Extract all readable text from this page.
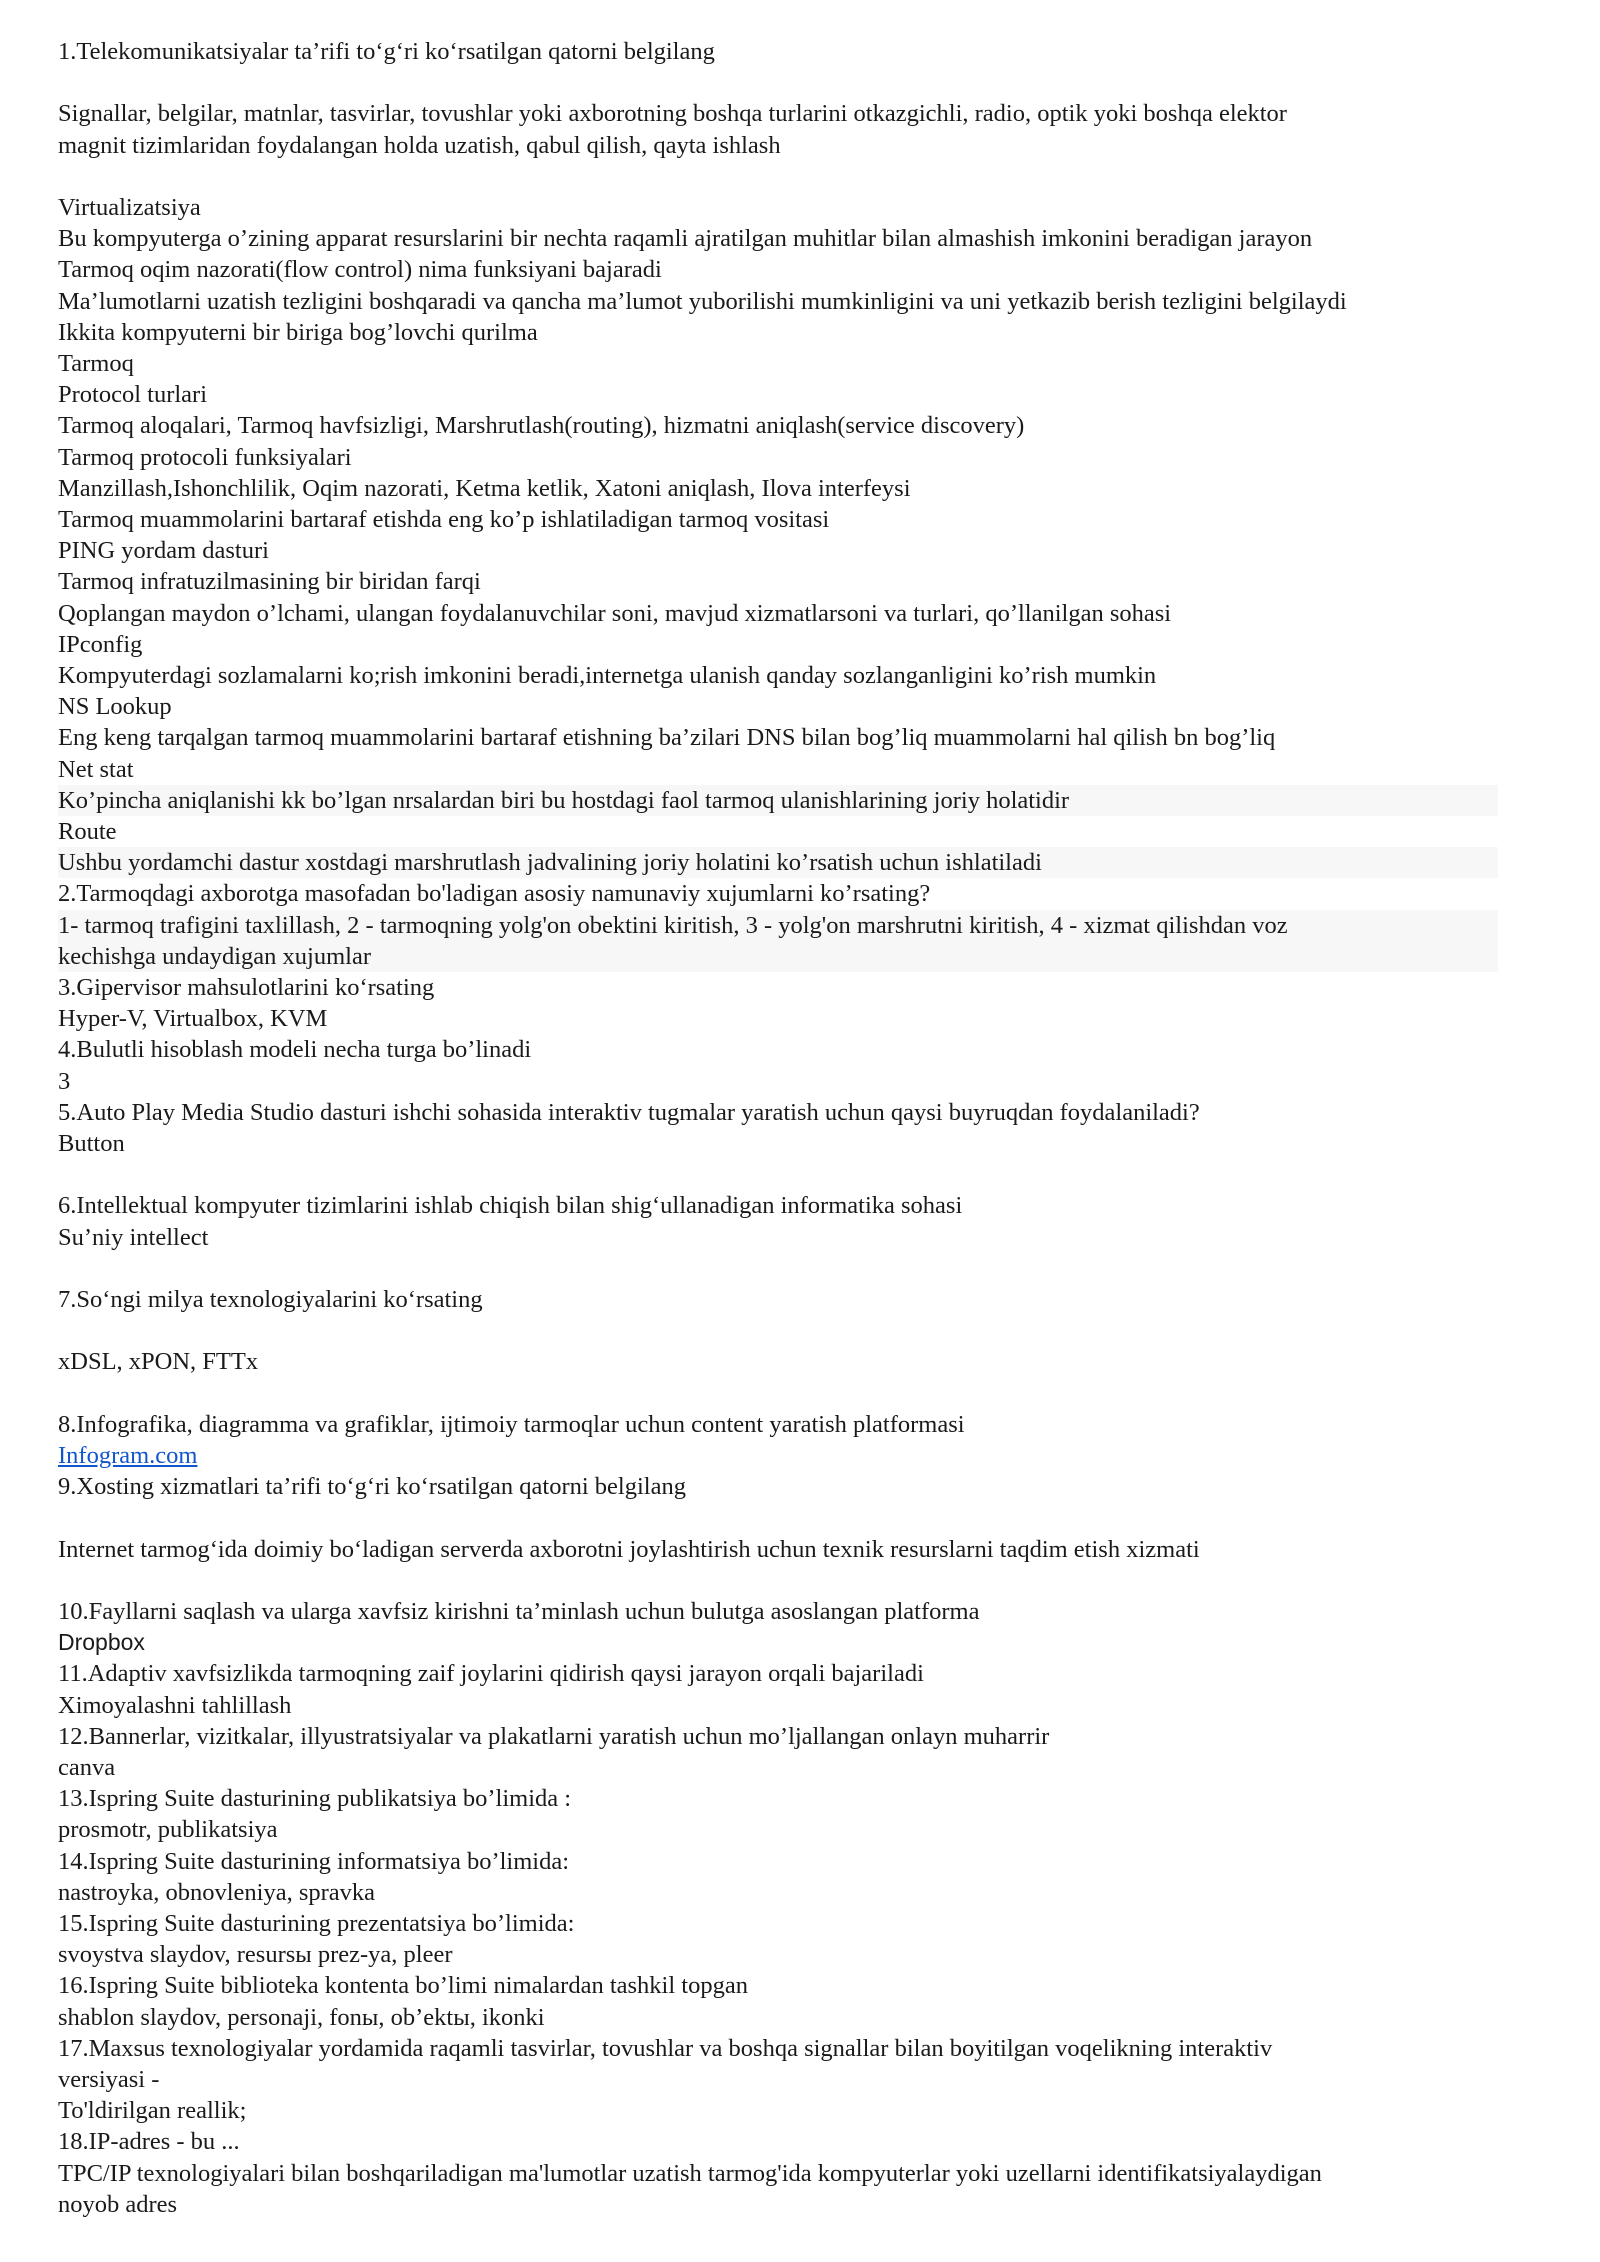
1.Telekomunikatsiyalar ta’rifi to‘g‘ri ko‘rsatilgan qatorni belgilang
Signallar, belgilar, matnlar, tasvirlar, tovushlar yoki axborotning boshqa turlarini otkazgichli, radio, optik yoki boshqa elektor
magnit tizimlaridan foydalangan holda uzatish, qabul qilish, qayta ishlash
Virtualizatsiya
Bu kompyuterga o’zining apparat resurslarini bir nechta raqamli ajratilgan muhitlar bilan almashish imkonini beradigan jarayon
Tarmoq oqim nazorati(flow control) nima funksiyani bajaradi
Ma’lumotlarni uzatish tezligini boshqaradi va qancha ma’lumot yuborilishi mumkinligini va uni yetkazib berish tezligini belgilaydi
Ikkita kompyuterni bir biriga bog’lovchi qurilma
Tarmoq
Protocol turlari
Tarmoq aloqalari, Tarmoq havfsizligi, Marshrutlash(routing), hizmatni aniqlash(service discovery)
Tarmoq protocoli funksiyalari
Manzillash,Ishonchlilik, Oqim nazorati, Ketma ketlik, Xatoni aniqlash, Ilova interfeysi
Tarmoq muammolarini bartaraf etishda eng ko’p ishlatiladigan tarmoq vositasi
PING yordam dasturi
Tarmoq infratuzilmasining bir biridan farqi
Qoplangan maydon o’lchami, ulangan foydalanuvchilar soni, mavjud xizmatlarsoni va turlari, qo’llanilgan sohasi
IPconfig
Kompyuterdagi sozlamalarni ko;rish imkonini beradi,internetga ulanish qanday sozlanganligini ko’rish mumkin
NS Lookup
Eng keng tarqalgan tarmoq muammolarini bartaraf etishning ba’zilari DNS bilan bog’liq muammolarni hal qilish bn bog’liq
Net stat
Ko’pincha aniqlanishi kk bo’lgan nrsalardan biri bu hostdagi faol tarmoq ulanishlarining joriy holatidir
Route
Ushbu yordamchi dastur xostdagi marshrutlash jadvalining joriy holatini ko’rsatish uchun ishlatiladi
2.Tarmoqdagi axborotga masofadan bo'ladigan asosiy namunaviy xujumlarni ko’rsating?
1- tarmoq trafigini taxlillash, 2 - tarmoqning yolg'on obektini kiritish, 3 - yolg'on marshrutni kiritish, 4 - xizmat qilishdan voz
kechishga undaydigan xujumlar
3.Gipervisor mahsulotlarini ko‘rsating
Hyper-V, Virtualbox, KVM
4.Bulutli hisoblash modeli necha turga bo’linadi
3
5.Auto Play Media Studio dasturi ishchi sohasida interaktiv tugmalar yaratish uchun qaysi buyruqdan foydalaniladi?
Button
6.Intellektual kompyuter tizimlarini ishlab chiqish bilan shig‘ullanadigan informatika sohasi
Su’niy intellect
7.So‘ngi milya texnologiyalarini ko‘rsating
xDSL, xPON, FTTx
8.Infografika, diagramma va grafiklar, ijtimoiy tarmoqlar uchun content yaratish platformasi
Infogram.com
9.Xosting xizmatlari ta’rifi to‘g‘ri ko‘rsatilgan qatorni belgilang
Internet tarmog‘ida doimiy bo‘ladigan serverda axborotni joylashtirish uchun texnik resurslarni taqdim etish xizmati
10.Fayllarni saqlash va ularga xavfsiz kirishni ta’minlash uchun bulutga asoslangan platforma
Dropbox
11.Adaptiv xavfsizlikda tarmoqning zaif joylarini qidirish qaysi jarayon orqali bajariladi
Ximoyalashni tahlillash
12.Bannerlar, vizitkalar, illyustratsiyalar va plakatlarni yaratish uchun mo’ljallangan onlayn muharrir
canva
13.Ispring Suite dasturining publikatsiya bo’limida :
prosmotr, publikatsiya
14.Ispring Suite dasturining informatsiya bo’limida:
nastroyka, obnovleniya, spravka
15.Ispring Suite dasturining prezentatsiya bo’limida:
svoystva slaydov, resursы prez-ya, pleer
16.Ispring Suite biblioteka kontenta bo’limi nimalardan tashkil topgan
shablon slaydov, personaji, fonы, ob’ektы, ikonki
17.Maxsus texnologiyalar yordamida raqamli tasvirlar, tovushlar va boshqa signallar bilan boyitilgan voqelikning interaktiv
versiyasi -
To'ldirilgan reallik;
18.IP-adres - bu ...
TPC/IP texnologiyalari bilan boshqariladigan ma'lumotlar uzatish tarmog'ida kompyuterlar yoki uzellarni identifikatsiyalaydigan
noyob adres
